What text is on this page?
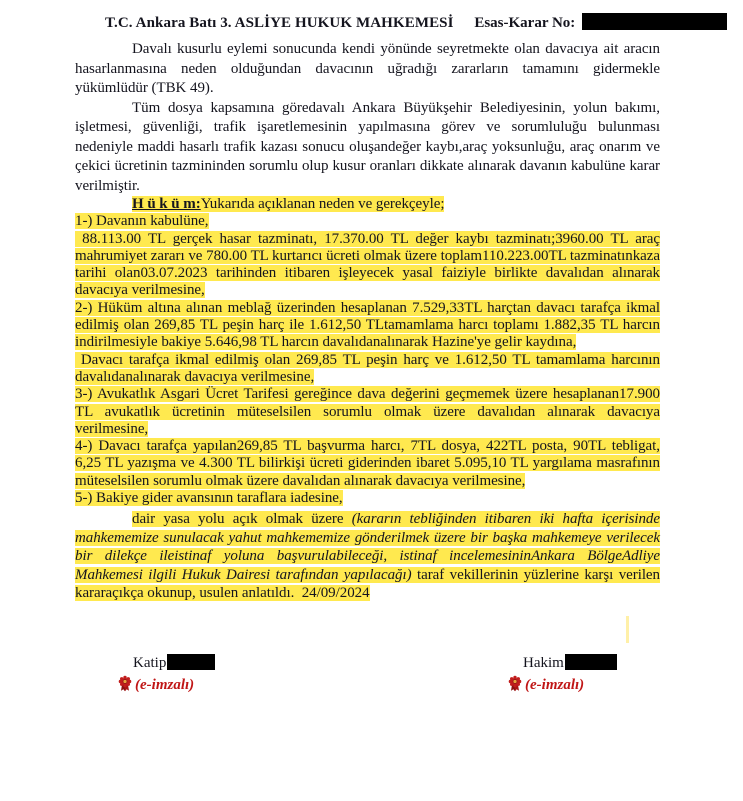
T.C. Ankara Batı 3. ASLİYE HUKUK MAHKEMESİ Esas-Karar No:

Davalı kusurlu eylemi sonucunda kendi yönünde seyretmekte olan davacıya ait aracın hasarlanmasına neden olduğundan davacının uğradığı zararların tamamını gidermekle yükümlüdür (TBK 49).

Tüm dosya kapsamına göredavalı Ankara Büyükşehir Belediyesinin, yolun bakımı, işletmesi, güvenliği, trafik işaretlemesinin yapılmasına görev ve sorumluluğu bulunması nedeniyle maddi hasarlı trafik kazası sonucu oluşandeğer kaybı,araç yoksunluğu, araç onarım ve çekici ücretinin tazmininden sorumlu olup kusur oranları dikkate alınarak davanın kabulüne karar verilmiştir.

H ü k ü m:Yukarıda açıklanan neden ve gerekçeyle;

1-) Davanın kabulüne,

88.113.00 TL gerçek hasar tazminatı, 17.370.00 TL değer kaybı tazminatı;3960.00 TL araç mahrumiyet zararı ve 780.00 TL kurtarıcı ücreti olmak üzere toplam110.223.00TL tazminatınkaza tarihi olan03.07.2023 tarihinden itibaren işleyecek yasal faiziyle birlikte davalıdan alınarak davacıya verilmesine,

2-) Hüküm altına alınan meblağ üzerinden hesaplanan 7.529,33TL harçtan davacı tarafça ikmal edilmiş olan 269,85 TL peşin harç ile 1.612,50 TLtamamlama harcı toplamı 1.882,35 TL harcın indirilmesiyle bakiye 5.646,98 TL harcın davalıdanalınarak Hazine'ye gelir kaydına,

Davacı tarafça ikmal edilmiş olan 269,85 TL peşin harç ve 1.612,50 TL tamamlama harcının davalıdanalınarak davacıya verilmesine,

3-) Avukatlık Asgari Ücret Tarifesi gereğince dava değerini geçmemek üzere hesaplanan17.900 TL avukatlık ücretinin müteselsilen sorumlu olmak üzere davalıdan alınarak davacıya verilmesine,

4-) Davacı tarafça yapılan269,85 TL başvurma harcı, 7TL dosya, 422TL posta, 90TL tebligat, 6,25 TL yazışma ve 4.300 TL bilirkişi ücreti giderinden ibaret 5.095,10 TL yargılama masrafının müteselsilen sorumlu olmak üzere davalıdan alınarak davacıya verilmesine,

5-) Bakiye gider avansının taraflara iadesine,

dair yasa yolu açık olmak üzere (kararın tebliğinden itibaren iki hafta içerisinde mahkememize sunulacak yahut mahkememize gönderilmek üzere bir başka mahkemeye verilecek bir dilekçe ileistinaf yoluna başvurulabileceği, istinaf incelemesininAnkara BölgeAdliye Mahkemesi ilgili Hukuk Dairesi tarafından yapılacağı) taraf vekillerinin yüzlerine karşı verilen kararaçıkça okunup, usulen anlatıldı.  24/09/2024

Katip
(e-imzalı)
Hakim
(e-imzalı)
